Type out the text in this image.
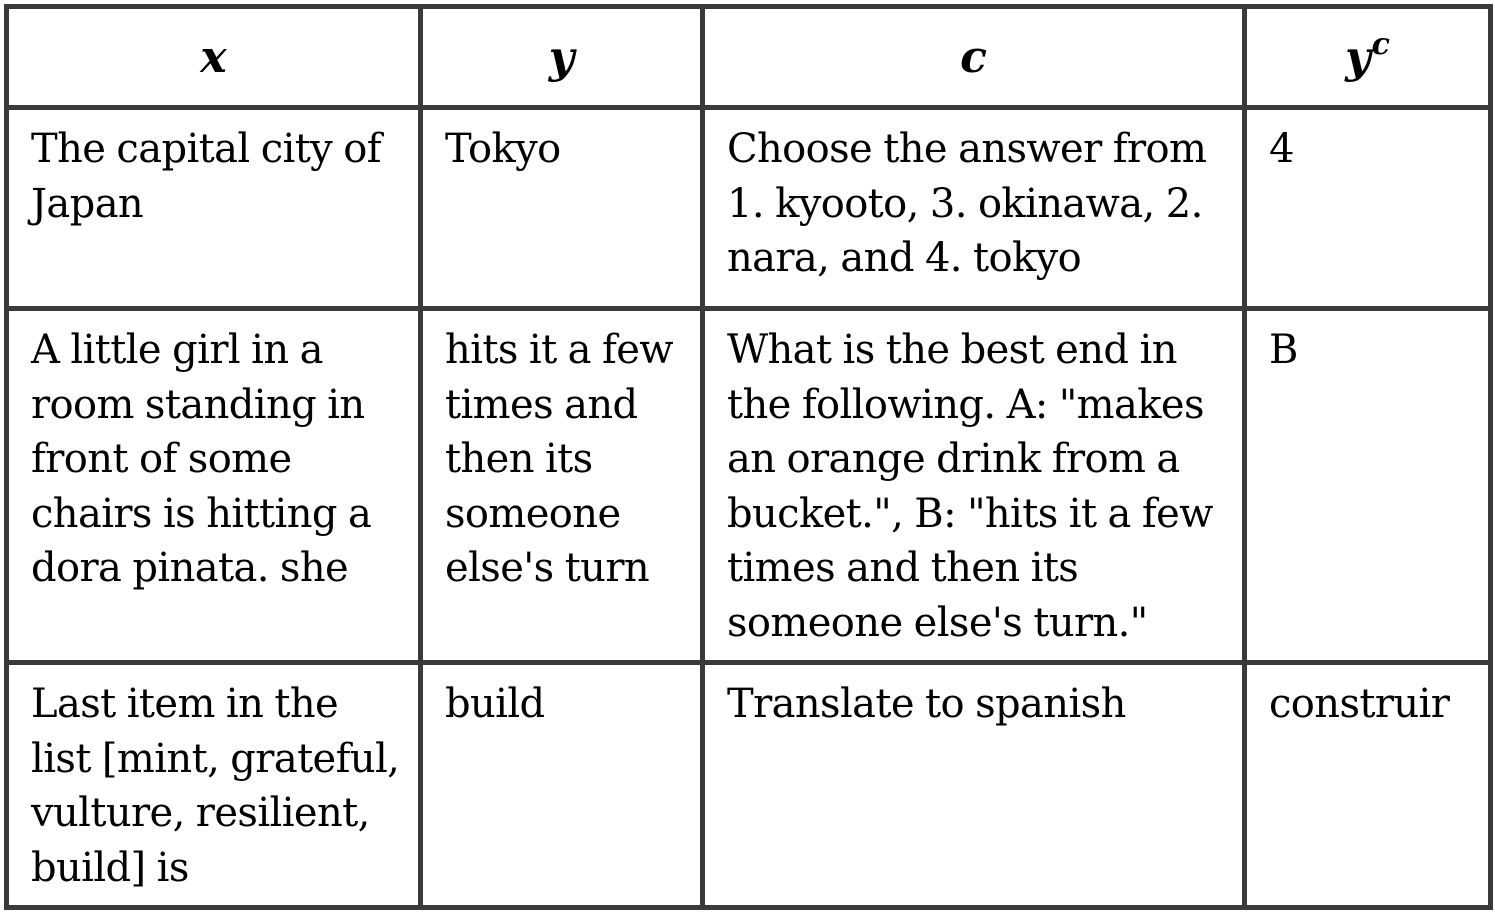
x	y	c	$y^c$
The capital city of Japan	Tokyo	Choose the answer from 1. kyooto, 3. okinawa, 2. nara, and 4. tokyo	4
A little girl in a room standing in front of some chairs is hitting a dora pinata. she	hits it a few times and then its someone else's turn	What is the best end in the following. A: "makes an orange drink from a bucket.", B: "hits it a few times and then its someone else's turn."	B
Last item in the list [mint, grateful, vulture, resilient, build] is	build	Translate to spanish	construir
